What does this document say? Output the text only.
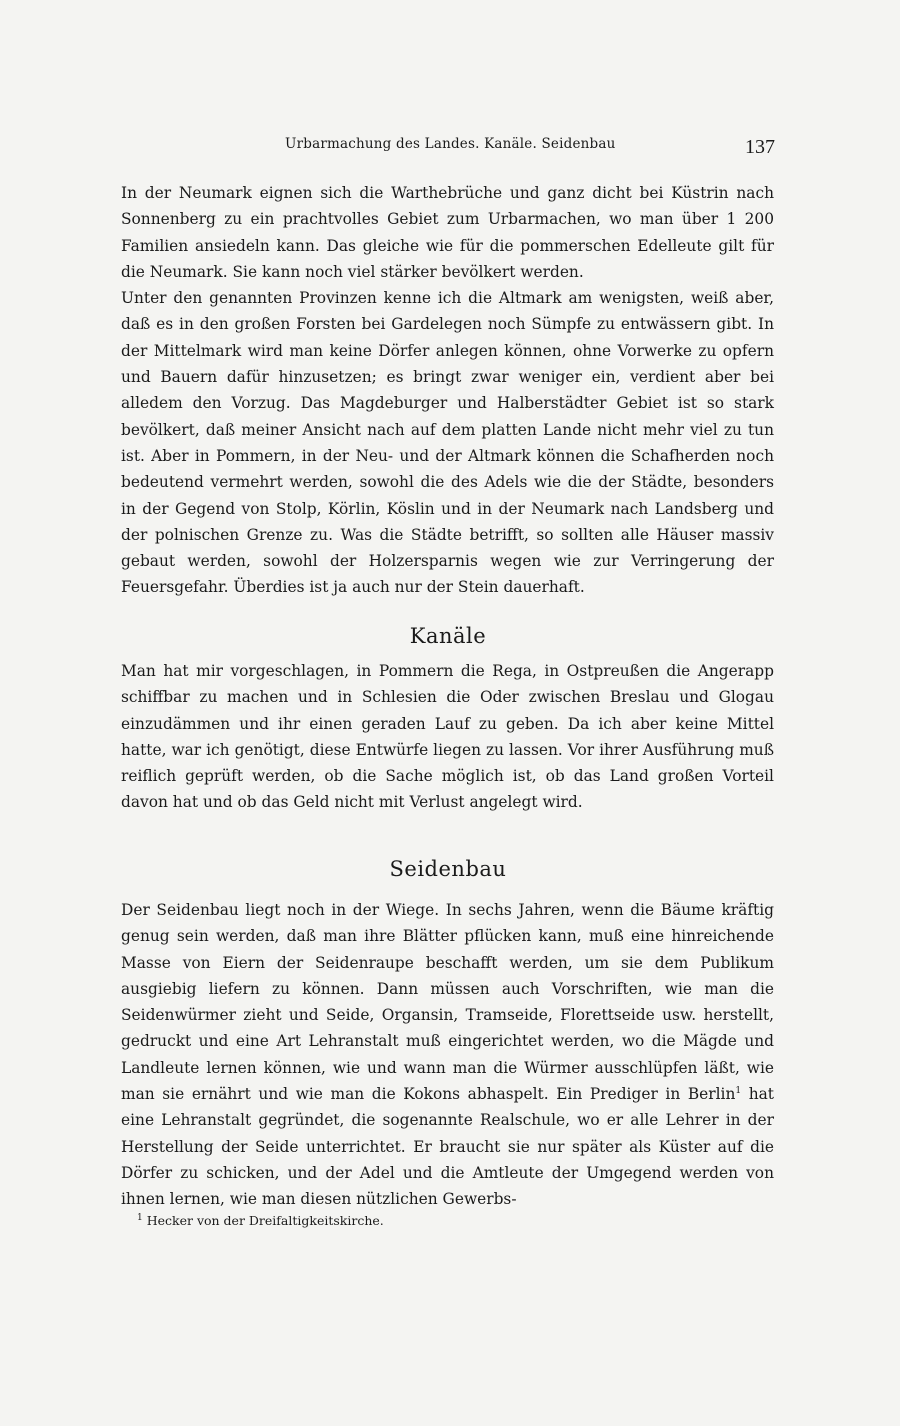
Urbarmachung des Landes. Kanäle. Seidenbau	137

In der Neumark eignen sich die Warthebrüche und ganz dicht bei Küstrin nach Sonnenberg zu ein prachtvolles Gebiet zum Urbarmachen, wo man über 1 200 Familien ansiedeln kann. Das gleiche wie für die pommerschen Edelleute gilt für die Neumark. Sie kann noch viel stärker bevölkert werden.

Unter den genannten Provinzen kenne ich die Altmark am wenigsten, weiß aber, daß es in den großen Forsten bei Gardelegen noch Sümpfe zu entwässern gibt. In der Mittelmark wird man keine Dörfer anlegen können, ohne Vorwerke zu opfern und Bauern dafür hinzusetzen; es bringt zwar weniger ein, verdient aber bei alledem den Vorzug. Das Magdeburger und Halberstädter Gebiet ist so stark bevölkert, daß meiner Ansicht nach auf dem platten Lande nicht mehr viel zu tun ist. Aber in Pommern, in der Neu- und der Altmark können die Schafherden noch bedeutend vermehrt werden, sowohl die des Adels wie die der Städte, besonders in der Gegend von Stolp, Körlin, Köslin und in der Neumark nach Landsberg und der polnischen Grenze zu. Was die Städte betrifft, so sollten alle Häuser massiv gebaut werden, sowohl der Holzersparnis wegen wie zur Verringerung der Feuersgefahr. Überdies ist ja auch nur der Stein dauerhaft.

Kanäle

Man hat mir vorgeschlagen, in Pommern die Rega, in Ostpreußen die Angerapp schiffbar zu machen und in Schlesien die Oder zwischen Breslau und Glogau einzudämmen und ihr einen geraden Lauf zu geben. Da ich aber keine Mittel hatte, war ich genötigt, diese Entwürfe liegen zu lassen. Vor ihrer Ausführung muß reiflich geprüft werden, ob die Sache möglich ist, ob das Land großen Vorteil davon hat und ob das Geld nicht mit Verlust angelegt wird.

Seidenbau

Der Seidenbau liegt noch in der Wiege. In sechs Jahren, wenn die Bäume kräftig genug sein werden, daß man ihre Blätter pflücken kann, muß eine hinreichende Masse von Eiern der Seidenraupe beschafft werden, um sie dem Publikum ausgiebig liefern zu können. Dann müssen auch Vorschriften, wie man die Seidenwürmer zieht und Seide, Organsin, Tramseide, Florettseide usw. herstellt, gedruckt und eine Art Lehranstalt muß eingerichtet werden, wo die Mägde und Landleute lernen können, wie und wann man die Würmer ausschlüpfen läßt, wie man sie ernährt und wie man die Kokons abhaspelt. Ein Prediger in Berlin$^1$ hat eine Lehranstalt gegründet, die sogenannte Realschule, wo er alle Lehrer in der Herstellung der Seide unterrichtet. Er braucht sie nur später als Küster auf die Dörfer zu schicken, und der Adel und die Amtleute der Umgegend werden von ihnen lernen, wie man diesen nützlichen Gewerbs-

$^1$ Hecker von der Dreifaltigkeitskirche.
